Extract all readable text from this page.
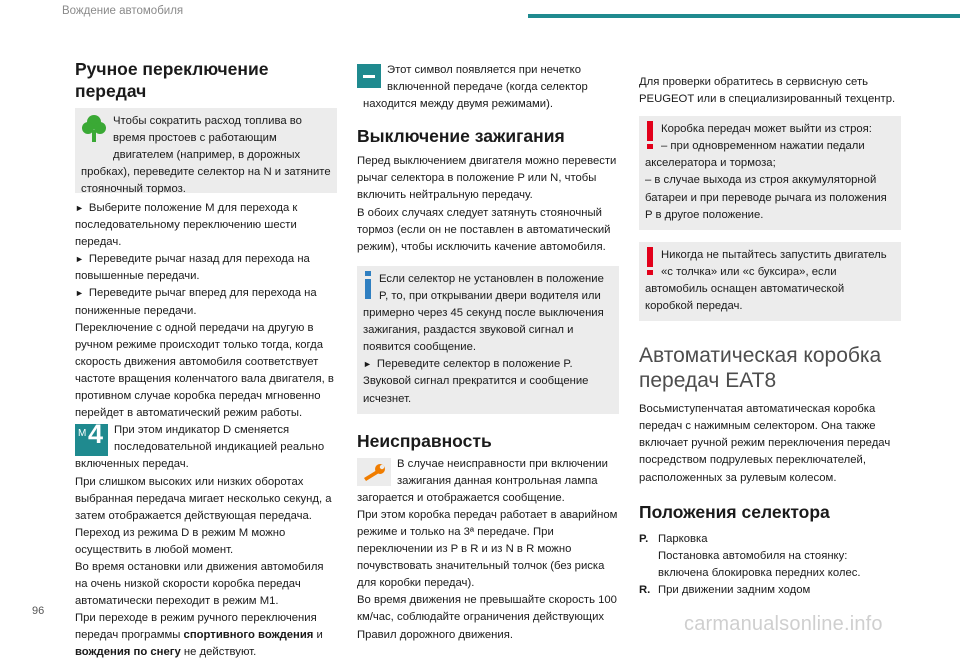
Вождение автомобиля
Ручное переключение передач

Чтобы сократить расход топлива во время простоев с работающим двигателем (например, в дорожных пробках), переведите селектор на N и затяните стояночный тормоз.

► Выберите положение M для перехода к последовательному переключению шести передач.

► Переведите рычаг назад для перехода на повышенные передачи.

► Переведите рычаг вперед для перехода на пониженные передачи.

Переключение с одной передачи на другую в ручном режиме происходит только тогда, когда скорость движения автомобиля соответствует частоте вращения коленчатого вала двигателя, в противном случае коробка передач мгновенно перейдет в автоматический режим работы.

M 4 При этом индикатор D сменяется последовательной индикацией реально включенных передач.

При слишком высоких или низких оборотах выбранная передача мигает несколько секунд, а затем отображается действующая передача.

Переход из режима D в режим M можно осуществить в любой момент.

Во время остановки или движения автомобиля на очень низкой скорости коробка передач автоматически переходит в режим M1.

При переходе в режим ручного переключения передач программы спортивного вождения и вождения по снегу не действуют.

Этот символ появляется при нечетко включенной передаче (когда селектор находится между двумя режимами).

Выключение зажигания

Перед выключением двигателя можно перевести рычаг селектора в положение P или N, чтобы включить нейтральную передачу.

В обоих случаях следует затянуть стояночный тормоз (если он не поставлен в автоматический режим), чтобы исключить качение автомобиля.

Если селектор не установлен в положение P, то, при открывании двери водителя или примерно через 45 секунд после выключения зажигания, раздастся звуковой сигнал и появится сообщение.

► Переведите селектор в положение P. Звуковой сигнал прекратится и сообщение исчезнет.

Неисправность

В случае неисправности при включении зажигания данная контрольная лампа загорается и отображается сообщение.

При этом коробка передач работает в аварийном режиме и только на 3ª передаче. При переключении из P в R и из N в R можно почувствовать значительный толчок (без риска для коробки передач).

Во время движения не превышайте скорость 100 км/час, соблюдайте ограничения действующих Правил дорожного движения.

Для проверки обратитесь в сервисную сеть PEUGEOT или в специализированный техцентр.

Коробка передач может выйти из строя:

– при одновременном нажатии педали акселератора и тормоза;

– в случае выхода из строя аккумуляторной батареи и при переводе рычага из положения P в другое положение.

Никогда не пытайтесь запустить двигатель «с толчка» или «с буксира», если автомобиль оснащен автоматической коробкой передач.

Автоматическая коробка передач EAT8

Восьмиступенчатая автоматическая коробка передач с нажимным селектором. Она также включает ручной режим переключения передач посредством подрулевых переключателей, расположенных за рулевым колесом.

Положения селектора
P. Парковка

Постановка автомобиля на стоянку: включена блокировка передних колес.

R. При движении задним ходом

96
carmanualsonline.info
